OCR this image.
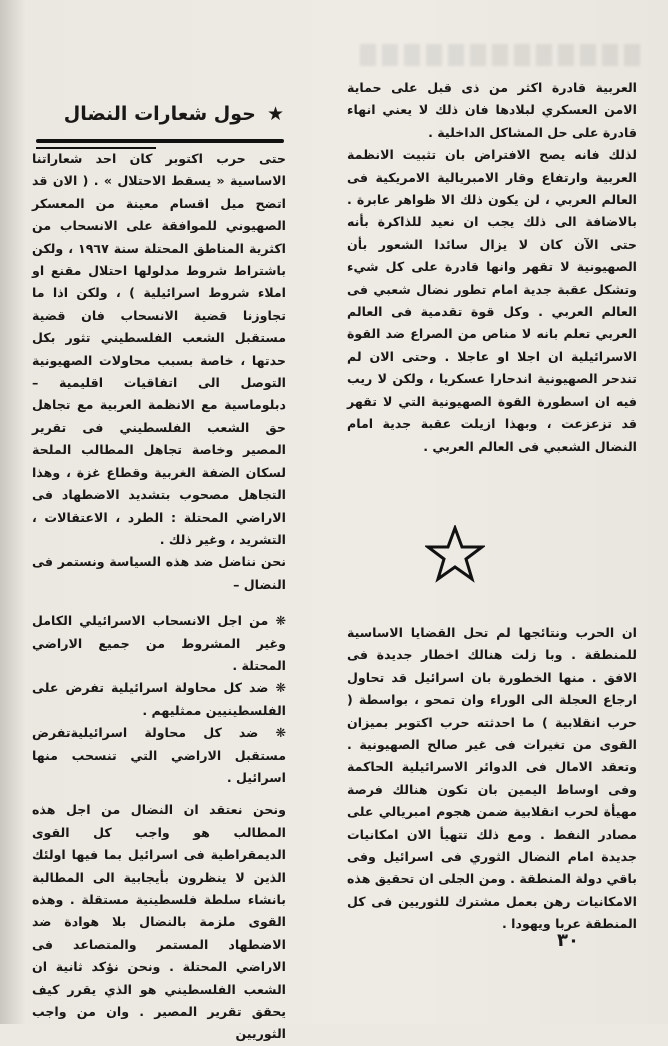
★ حول شعارات النضال

العربية قادرة اكثر من ذى قبل على حماية الامن العسكري لبلادها فان ذلك لا يعني انهاء قادرة على حل المشاكل الداخلية .

لذلك فانه يصح الافتراض بان تثبيت الانظمة العربية وارتفاع وقار الامبريالية الامريكية فى العالم العربي ، لن يكون ذلك الا ظواهر عابرة . بالاضافة الى ذلك يجب ان نعيد للذاكرة بأنه حتى الآن كان لا يزال سائدا الشعور بأن الصهيونية لا تقهر وانها قادرة على كل شيء وتشكل عقبة جدية امام تطور نضال شعبي فى العالم العربي . وكل قوة تقدمية فى العالم العربي تعلم بانه لا مناص من الصراع ضد القوة الاسرائيلية ان اجلا او عاجلا . وحتى الان لم تندحر الصهيونية اندحارا عسكريا ، ولكن لا ريب فيه ان اسطورة القوة الصهيونية التي لا تقهر قد تزعزعت ، وبهذا ازيلت عقبة جدية امام النضال الشعبي فى العالم العربي .

ان الحرب ونتائجها لم تحل القضايا الاساسية للمنطقة . وبا زلت هنالك اخطار جديدة فى الافق . منها الخطورة بان اسرائيل قد تحاول ارجاع العجلة الى الوراء وان تمحو ، بواسطة ( حرب انقلابية ) ما احدثته حرب اكتوبر بميزان القوى من تغيرات فى غير صالح الصهيونية . وتعقد الامال فى الدوائر الاسرائيلية الحاكمة وفى اوساط اليمين بان تكون هنالك فرصة مهيأة لحرب انقلابية ضمن هجوم امبريالي على مصادر النفط . ومع ذلك تتهيأ الان امكانيات جديدة امام النضال الثوري فى اسرائيل وفى باقي دولة المنطقة . ومن الجلى ان تحقيق هذه الامكانيات رهن بعمل مشترك للثوريين فى كل المنطقة عربا ويهودا .

حتى حرب اكتوبر كان احد شعاراتنا الاساسية « يسقط الاحتلال » . ( الان قد اتضح ميل اقسام معينة من المعسكر الصهيوني للموافقة على الانسحاب من اكثرية المناطق المحتلة سنة ١٩٦٧ ، ولكن باشتراط شروط مدلولها احتلال مقنع او املاء شروط اسرائيلية ) ، ولكن اذا ما تجاوزنا قضية الانسحاب فان قضية مستقبل الشعب الفلسطيني تثور بكل حدتها ، خاصة بسبب محاولات الصهيونية التوصل الى اتفاقيات اقليمية – دبلوماسية مع الانظمة العربية مع تجاهل حق الشعب الفلسطيني فى تقرير المصير وخاصة تجاهل المطالب الملحة لسكان الضفة الغربية وقطاع غزة ، وهذا التجاهل مصحوب بتشديد الاضطهاد فى الاراضي المحتلة : الطرد ، الاعتقالات ، التشريد ، وغير ذلك .

نحن نناضل ضد هذه السياسة ونستمر فى النضال –

❋ من اجل الانسحاب الاسرائيلي الكامل وغير المشروط من جميع الاراضي المحتلة .

❋ ضد كل محاولة اسرائيلية تفرض على الفلسطينيين ممثليهم .

❋ ضد كل محاولة اسرائيليةتفرض مستقبل الاراضي التي تنسحب منها اسرائيل .

ونحن نعتقد ان النضال من اجل هذه المطالب هو واجب كل القوى الديمقراطية فى اسرائيل بما فيها اولئك الذين لا ينظرون بأيجابية الى المطالبة بانشاء سلطة فلسطينية مستقلة . وهذه القوى ملزمة بالنضال بلا هوادة ضد الاضطهاد المستمر والمتصاعد فى الاراضي المحتلة . ونحن نؤكد ثانية ان الشعب الفلسطيني هو الذي يقرر كيف يحقق تقرير المصير . وان من واجب الثوريين

٣٠
